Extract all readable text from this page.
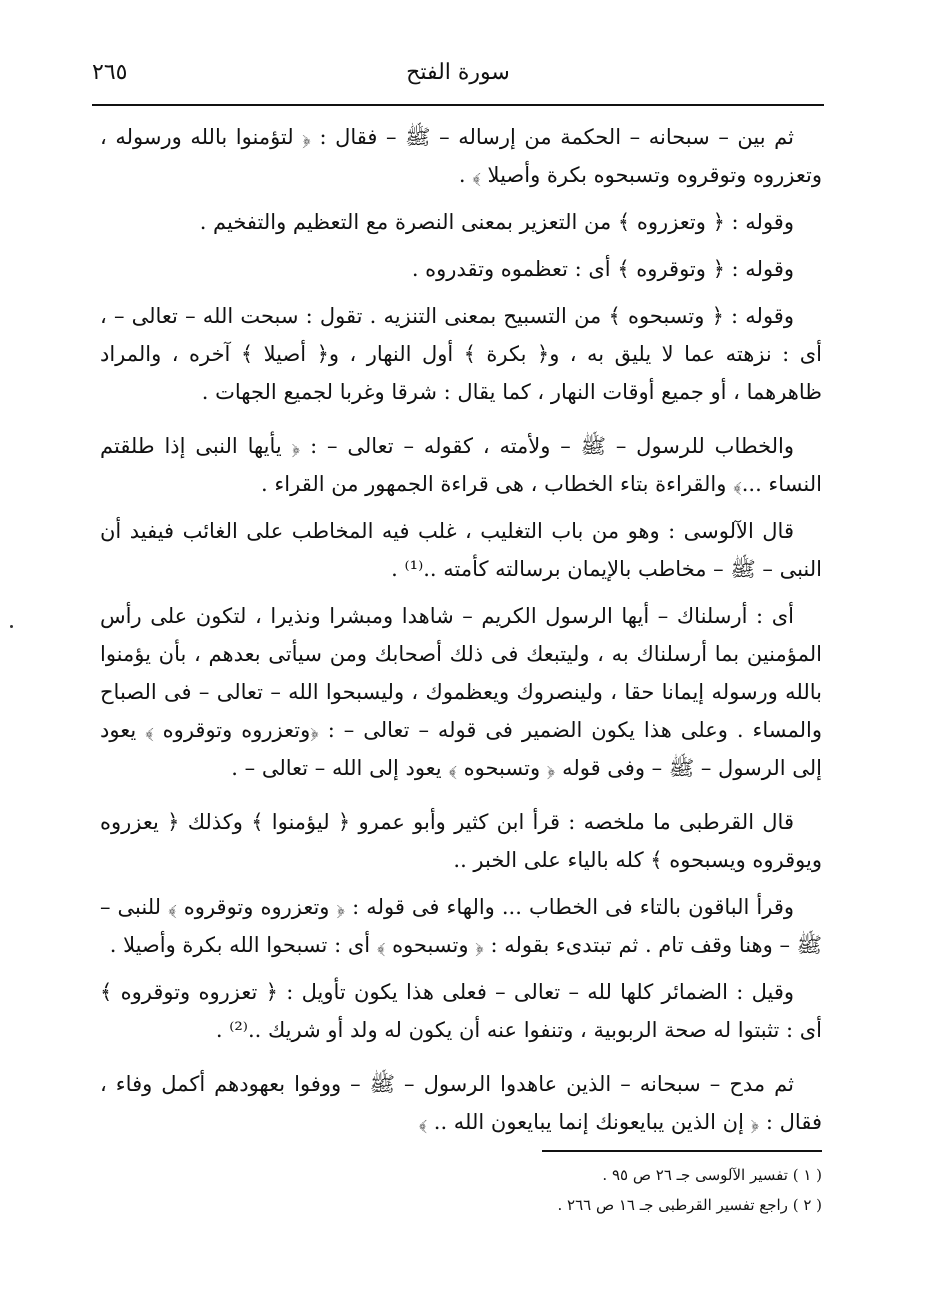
٢٦٥	سورة الفتح

ثم بين – سبحانه – الحكمة من إرساله – ﷺ – فقال : ﴿ لتؤمنوا بالله ورسوله ، وتعزروه وتوقروه وتسبحوه بكرة وأصيلا ﴾ .

وقوله : ﴿ وتعزروه ﴾ من التعزير بمعنى النصرة مع التعظيم والتفخيم .

وقوله : ﴿ وتوقروه ﴾ أى : تعظموه وتقدروه .

وقوله : ﴿ وتسبحوه ﴾ من التسبيح بمعنى التنزيه . تقول : سبحت الله – تعالى – ، أى : نزهته عما لا يليق به ، و﴿ بكرة ﴾ أول النهار ، و﴿ أصيلا ﴾ آخره ، والمراد ظاهرهما ، أو جميع أوقات النهار ، كما يقال : شرقا وغربا لجميع الجهات .

والخطاب للرسول – ﷺ – ولأمته ، كقوله – تعالى – : ﴿ يأيها النبى إذا طلقتم النساء ...﴾ والقراءة بتاء الخطاب ، هى قراءة الجمهور من القراء .

قال الآلوسى : وهو من باب التغليب ، غلب فيه المخاطب على الغائب فيفيد أن النبى – ﷺ – مخاطب بالإيمان برسالته كأمته ..⁽¹⁾ .

أى : أرسلناك – أيها الرسول الكريم – شاهدا ومبشرا ونذيرا ، لتكون على رأس المؤمنين بما أرسلناك به ، وليتبعك فى ذلك أصحابك ومن سيأتى بعدهم ، بأن يؤمنوا بالله ورسوله إيمانا حقا ، ولينصروك ويعظموك ، وليسبحوا الله – تعالى – فى الصباح والمساء . وعلى هذا يكون الضمير فى قوله – تعالى – : ﴿وتعزروه وتوقروه ﴾ يعود إلى الرسول – ﷺ – وفى قوله ﴿ وتسبحوه ﴾ يعود إلى الله – تعالى – .

قال القرطبى ما ملخصه : قرأ ابن كثير وأبو عمرو ﴿ ليؤمنوا ﴾ وكذلك ﴿ يعزروه ويوقروه ويسبحوه ﴾ كله بالياء على الخبر ..

وقرأ الباقون بالتاء فى الخطاب ... والهاء فى قوله : ﴿ وتعزروه وتوقروه ﴾ للنبى – ﷺ – وهنا وقف تام . ثم تبتدىء بقوله : ﴿ وتسبحوه ﴾ أى : تسبحوا الله بكرة وأصيلا .

وقيل : الضمائر كلها لله – تعالى – فعلى هذا يكون تأويل : ﴿ تعزروه وتوقروه ﴾ أى : تثبتوا له صحة الربوبية ، وتنفوا عنه أن يكون له ولد أو شريك ..⁽²⁾ .

ثم مدح – سبحانه – الذين عاهدوا الرسول – ﷺ – ووفوا بعهودهم أكمل وفاء ، فقال : ﴿ إن الذين يبايعونك إنما يبايعون الله .. ﴾

( ١ ) تفسير الآلوسى جـ ٢٦ ص ٩٥ .

( ٢ ) راجع تفسير القرطبى جـ ١٦ ص ٢٦٦ .
